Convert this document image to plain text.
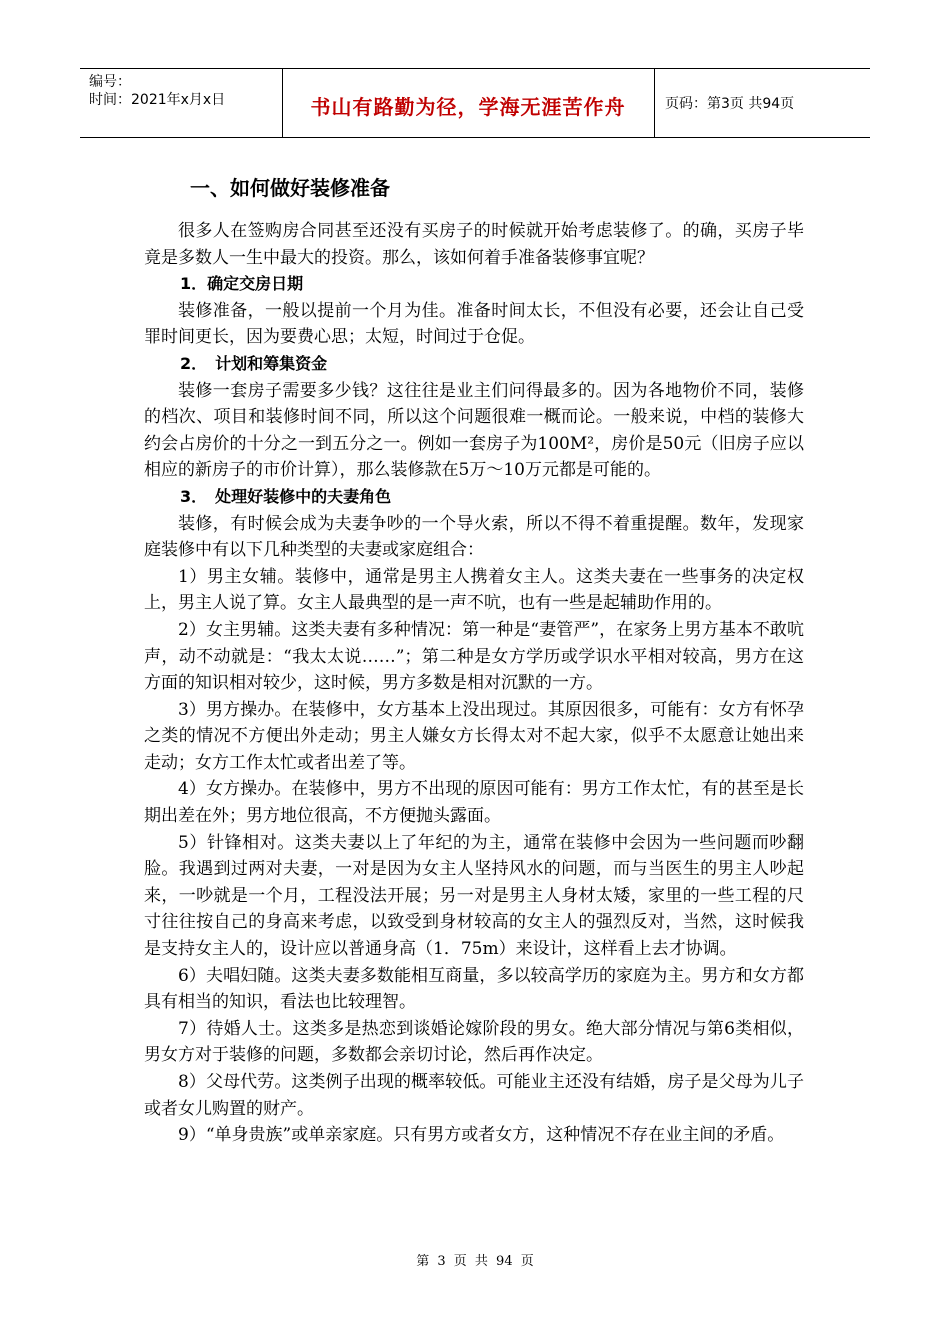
编号：
时间：2021年x月x日	书山有路勤为径，学海无涯苦作舟	页码：第3页 共94页
一、如何做好装修准备

很多人在签购房合同甚至还没有买房子的时候就开始考虑装修了。的确，买房子毕竟是多数人一生中最大的投资。那么，该如何着手准备装修事宜呢？

1．确定交房日期

装修准备，一般以提前一个月为佳。准备时间太长，不但没有必要，还会让自己受罪时间更长，因为要费心思；太短，时间过于仓促。

2．　计划和筹集资金

装修一套房子需要多少钱？这往往是业主们问得最多的。因为各地物价不同，装修的档次、项目和装修时间不同，所以这个问题很难一概而论。一般来说，中档的装修大约会占房价的十分之一到五分之一。例如一套房子为100M²，房价是50元（旧房子应以相应的新房子的市价计算），那么装修款在5万～10万元都是可能的。

3．　处理好装修中的夫妻角色

装修，有时候会成为夫妻争吵的一个导火索，所以不得不着重提醒。数年，发现家庭装修中有以下几种类型的夫妻或家庭组合：

1）男主女辅。装修中，通常是男主人携着女主人。这类夫妻在一些事务的决定权上，男主人说了算。女主人最典型的是一声不吭，也有一些是起辅助作用的。

2）女主男辅。这类夫妻有多种情况：第一种是“妻管严”，在家务上男方基本不敢吭声，动不动就是：“我太太说……”；第二种是女方学历或学识水平相对较高，男方在这方面的知识相对较少，这时候，男方多数是相对沉默的一方。

3）男方操办。在装修中，女方基本上没出现过。其原因很多，可能有：女方有怀孕之类的情况不方便出外走动；男主人嫌女方长得太对不起大家，似乎不太愿意让她出来走动；女方工作太忙或者出差了等。

4）女方操办。在装修中，男方不出现的原因可能有：男方工作太忙，有的甚至是长期出差在外；男方地位很高，不方便抛头露面。

5）针锋相对。这类夫妻以上了年纪的为主，通常在装修中会因为一些问题而吵翻脸。我遇到过两对夫妻，一对是因为女主人坚持风水的问题，而与当医生的男主人吵起来，一吵就是一个月，工程没法开展；另一对是男主人身材太矮，家里的一些工程的尺寸往往按自己的身高来考虑，以致受到身材较高的女主人的强烈反对，当然，这时候我是支持女主人的，设计应以普通身高（1．75m）来设计，这样看上去才协调。

6）夫唱妇随。这类夫妻多数能相互商量，多以较高学历的家庭为主。男方和女方都具有相当的知识，看法也比较理智。

7）待婚人士。这类多是热恋到谈婚论嫁阶段的男女。绝大部分情况与第6类相似，男女方对于装修的问题，多数都会亲切讨论，然后再作决定。

8）父母代劳。这类例子出现的概率较低。可能业主还没有结婚，房子是父母为儿子或者女儿购置的财产。

9）“单身贵族”或单亲家庭。只有男方或者女方，这种情况不存在业主间的矛盾。

第 3 页 共 94 页
